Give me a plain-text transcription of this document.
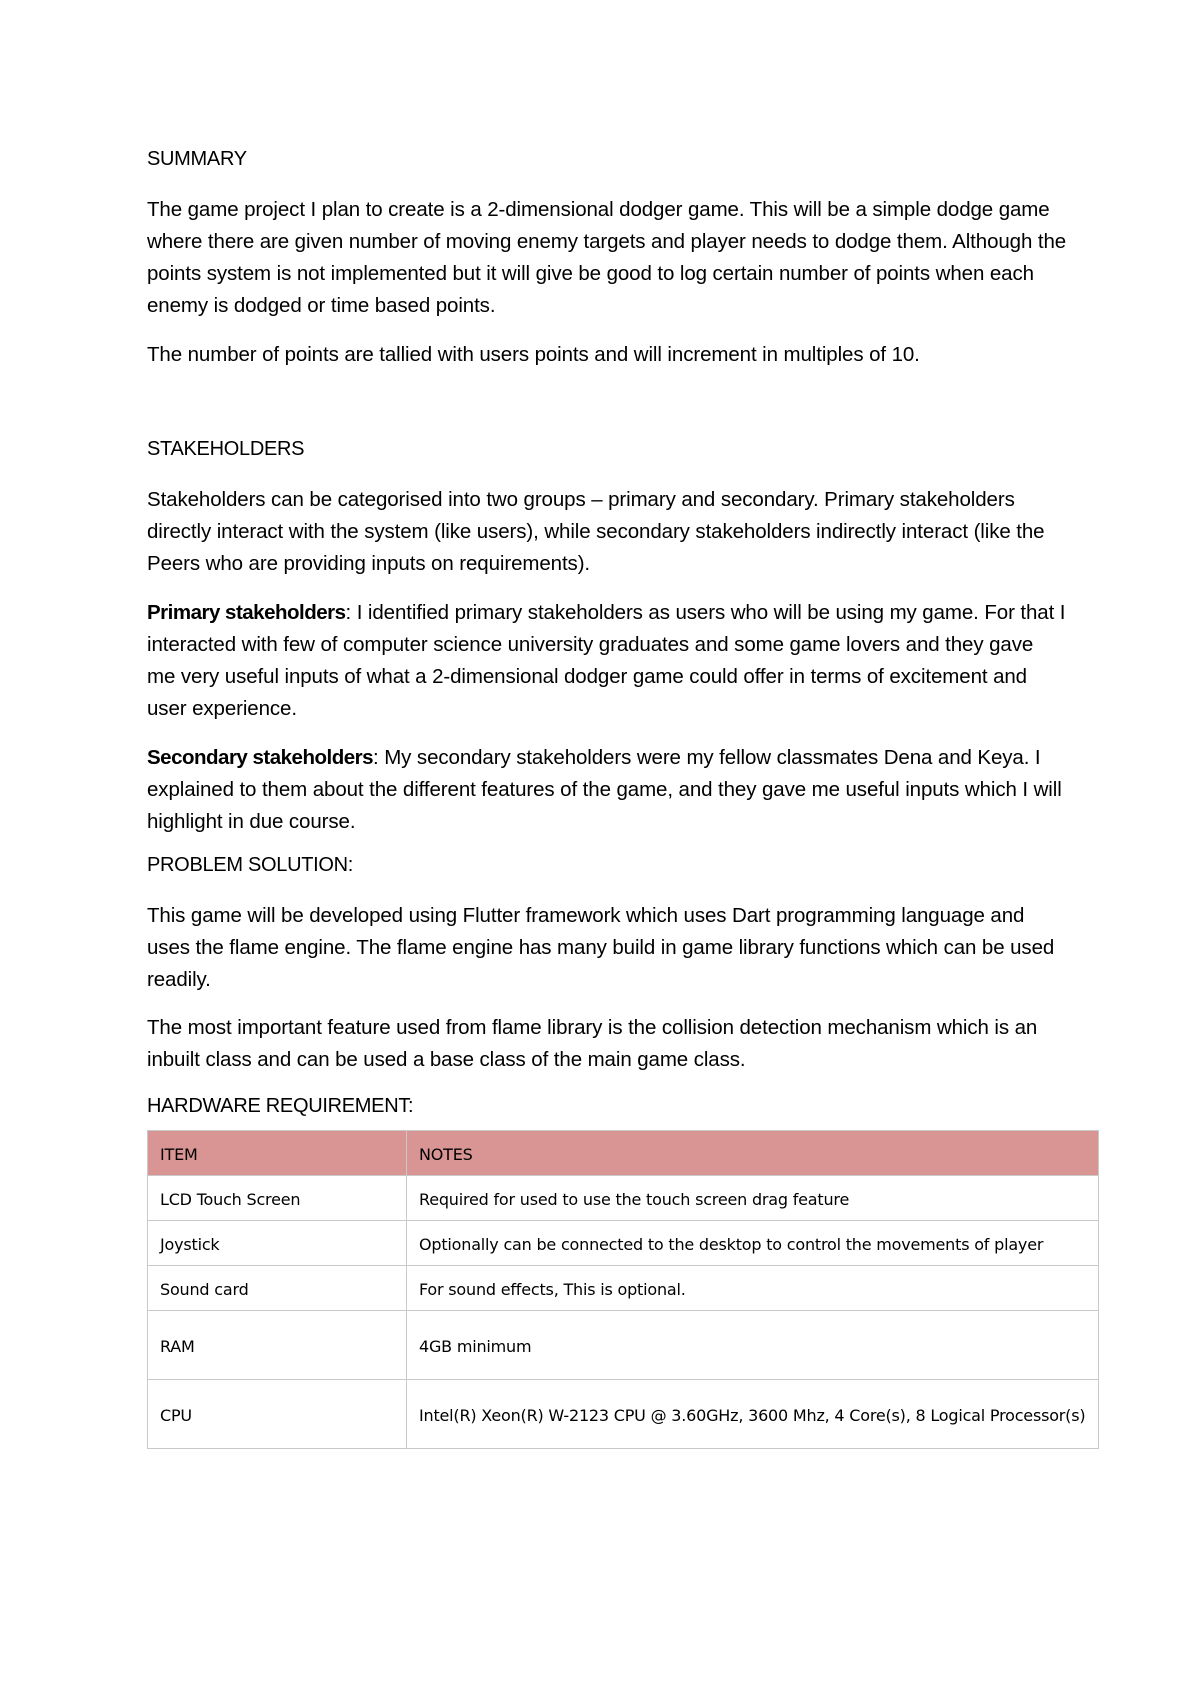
SUMMARY
The game project I plan to create is a 2-dimensional dodger game. This will be a simple dodge game where there are given number of moving enemy targets and player needs to dodge them. Although the points system is not implemented but it will give be good to log certain number of points when each enemy is dodged or time based points.
The number of points are tallied with users points and will increment in multiples of 10.
STAKEHOLDERS
Stakeholders can be categorised into two groups – primary and secondary. Primary stakeholders directly interact with the system (like users), while secondary stakeholders indirectly interact (like the Peers who are providing inputs on requirements).
Primary stakeholders: I identified primary stakeholders as users who will be using my game. For that I interacted with few of computer science university graduates and some game lovers and they gave me very useful inputs of what a 2-dimensional dodger game could offer in terms of excitement and user experience.
Secondary stakeholders: My secondary stakeholders were my fellow classmates Dena and Keya. I explained to them about the different features of the game, and they gave me useful inputs which I will highlight in due course.
PROBLEM SOLUTION:
This game will be developed using Flutter framework which uses Dart programming language and uses the flame engine. The flame engine has many build in game library functions which can be used readily.
The most important feature used from flame library is the collision detection mechanism which is an inbuilt class and can be used a base class of the main game class.
HARDWARE REQUIREMENT:
ITEM	NOTES
LCD Touch Screen	Required for used to use the touch screen drag feature
Joystick	Optionally can be connected to the desktop to control the movements of player
Sound card	For sound effects, This is optional.
RAM	4GB minimum
CPU	Intel(R) Xeon(R) W-2123 CPU @ 3.60GHz, 3600 Mhz, 4 Core(s), 8 Logical Processor(s)
